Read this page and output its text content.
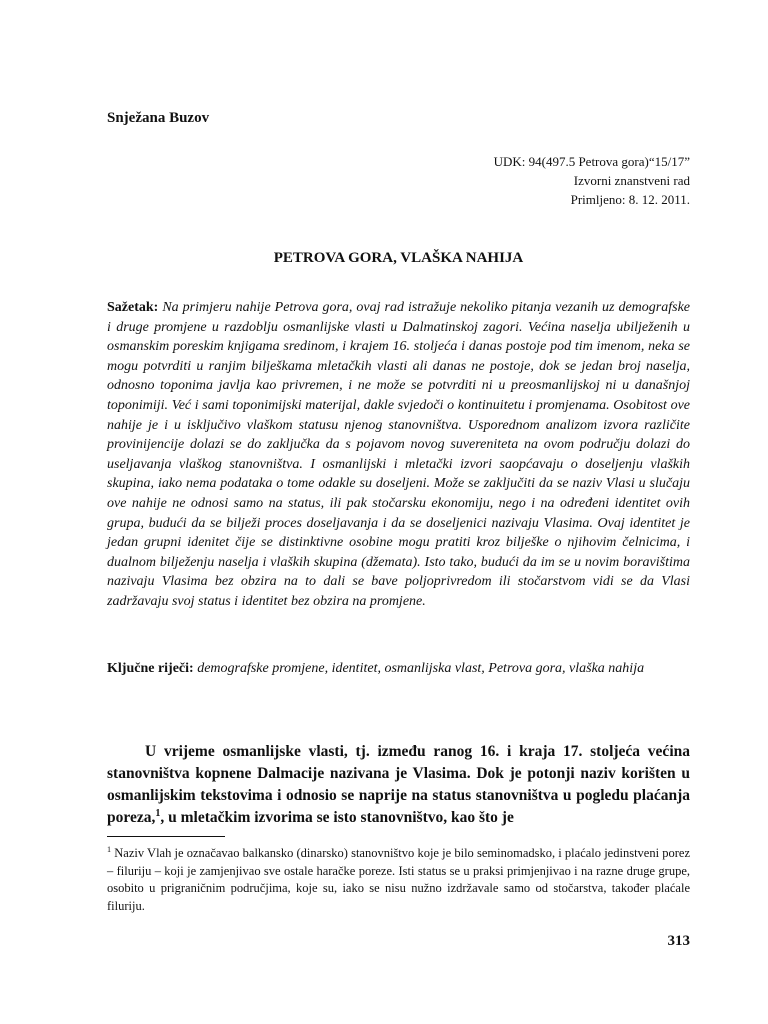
Snježana Buzov
UDK: 94(497.5 Petrova gora)“15/17”
Izvorni znanstveni rad
Primljeno: 8. 12. 2011.
PETROVA GORA, VLAŠKA NAHIJA
Sažetak: Na primjeru nahije Petrova gora, ovaj rad istražuje nekoliko pitanja vezanih uz demografske i druge promjene u razdoblju osmanlijske vlasti u Dalmatinskoj zagori. Većina naselja ubilježenih u osmanskim poreskim knjigama sredinom, i krajem 16. stoljeća i danas postoje pod tim imenom, neka se mogu potvrditi u ranjim bilješkama mletačkih vlasti ali danas ne postoje, dok se jedan broj naselja, odnosno toponima javlja kao privremen, i ne može se potvrditi ni u preosmanlijskoj ni u današnjoj toponimiji. Već i sami toponimijski materijal, dakle svjedoči o kontinuitetu i promjenama. Osobitost ove nahije je i u isključivo vlaškom statusu njenog stanovništva. Usporednom analizom izvora različite provinijencije dolazi se do zaključka da s pojavom novog suvereniteta na ovom području dolazi do useljavanja vlaškog stanovništva. I osmanlijski i mletački izvori saopćavaju o doseljenju vlaških skupina, iako nema podataka o tome odakle su doseljeni. Može se zaključiti da se naziv Vlasi u slučaju ove nahije ne odnosi samo na status, ili pak stočarsku ekonomiju, nego i na određeni identitet ovih grupa, budući da se bilježi proces doseljavanja i da se doseljenici nazivaju Vlasima. Ovaj identitet je jedan grupni idenitet čije se distinktivne osobine mogu pratiti kroz bilješke o njihovim čelnicima, i dualnom bilježenju naselja i vlaških skupina (džemata). Isto tako, budući da im se u novim boravištima nazivaju Vlasima bez obzira na to dali se bave poljoprivredom ili stočarstvom vidi se da Vlasi zadržavaju svoj status i identitet bez obzira na promjene.
Ključne riječi: demografske promjene, identitet, osmanlijska vlast, Petrova gora, vlaška nahija
U vrijeme osmanlijske vlasti, tj. između ranog 16. i kraja 17. stoljeća većina stanovništva kopnene Dalmacije nazivana je Vlasima. Dok je potonji naziv korišten u osmanlijskim tekstovima i odnosio se naprije na status stanovništva u pogledu plaćanja poreza,$^1$, u mletačkim izvorima se isto stanovništvo, kao što je
$^1$ Naziv Vlah je označavao balkansko (dinarsko) stanovništvo koje je bilo seminomadsko, i plaćalo jedinstveni porez – filuriju – koji je zamjenjivao sve ostale haračke poreze. Isti status se u praksi primjenjivao i na razne druge grupe, osobito u prigraničnim područjima, koje su, iako se nisu nužno izdržavale samo od stočarstva, također plaćale filuriju.
313
